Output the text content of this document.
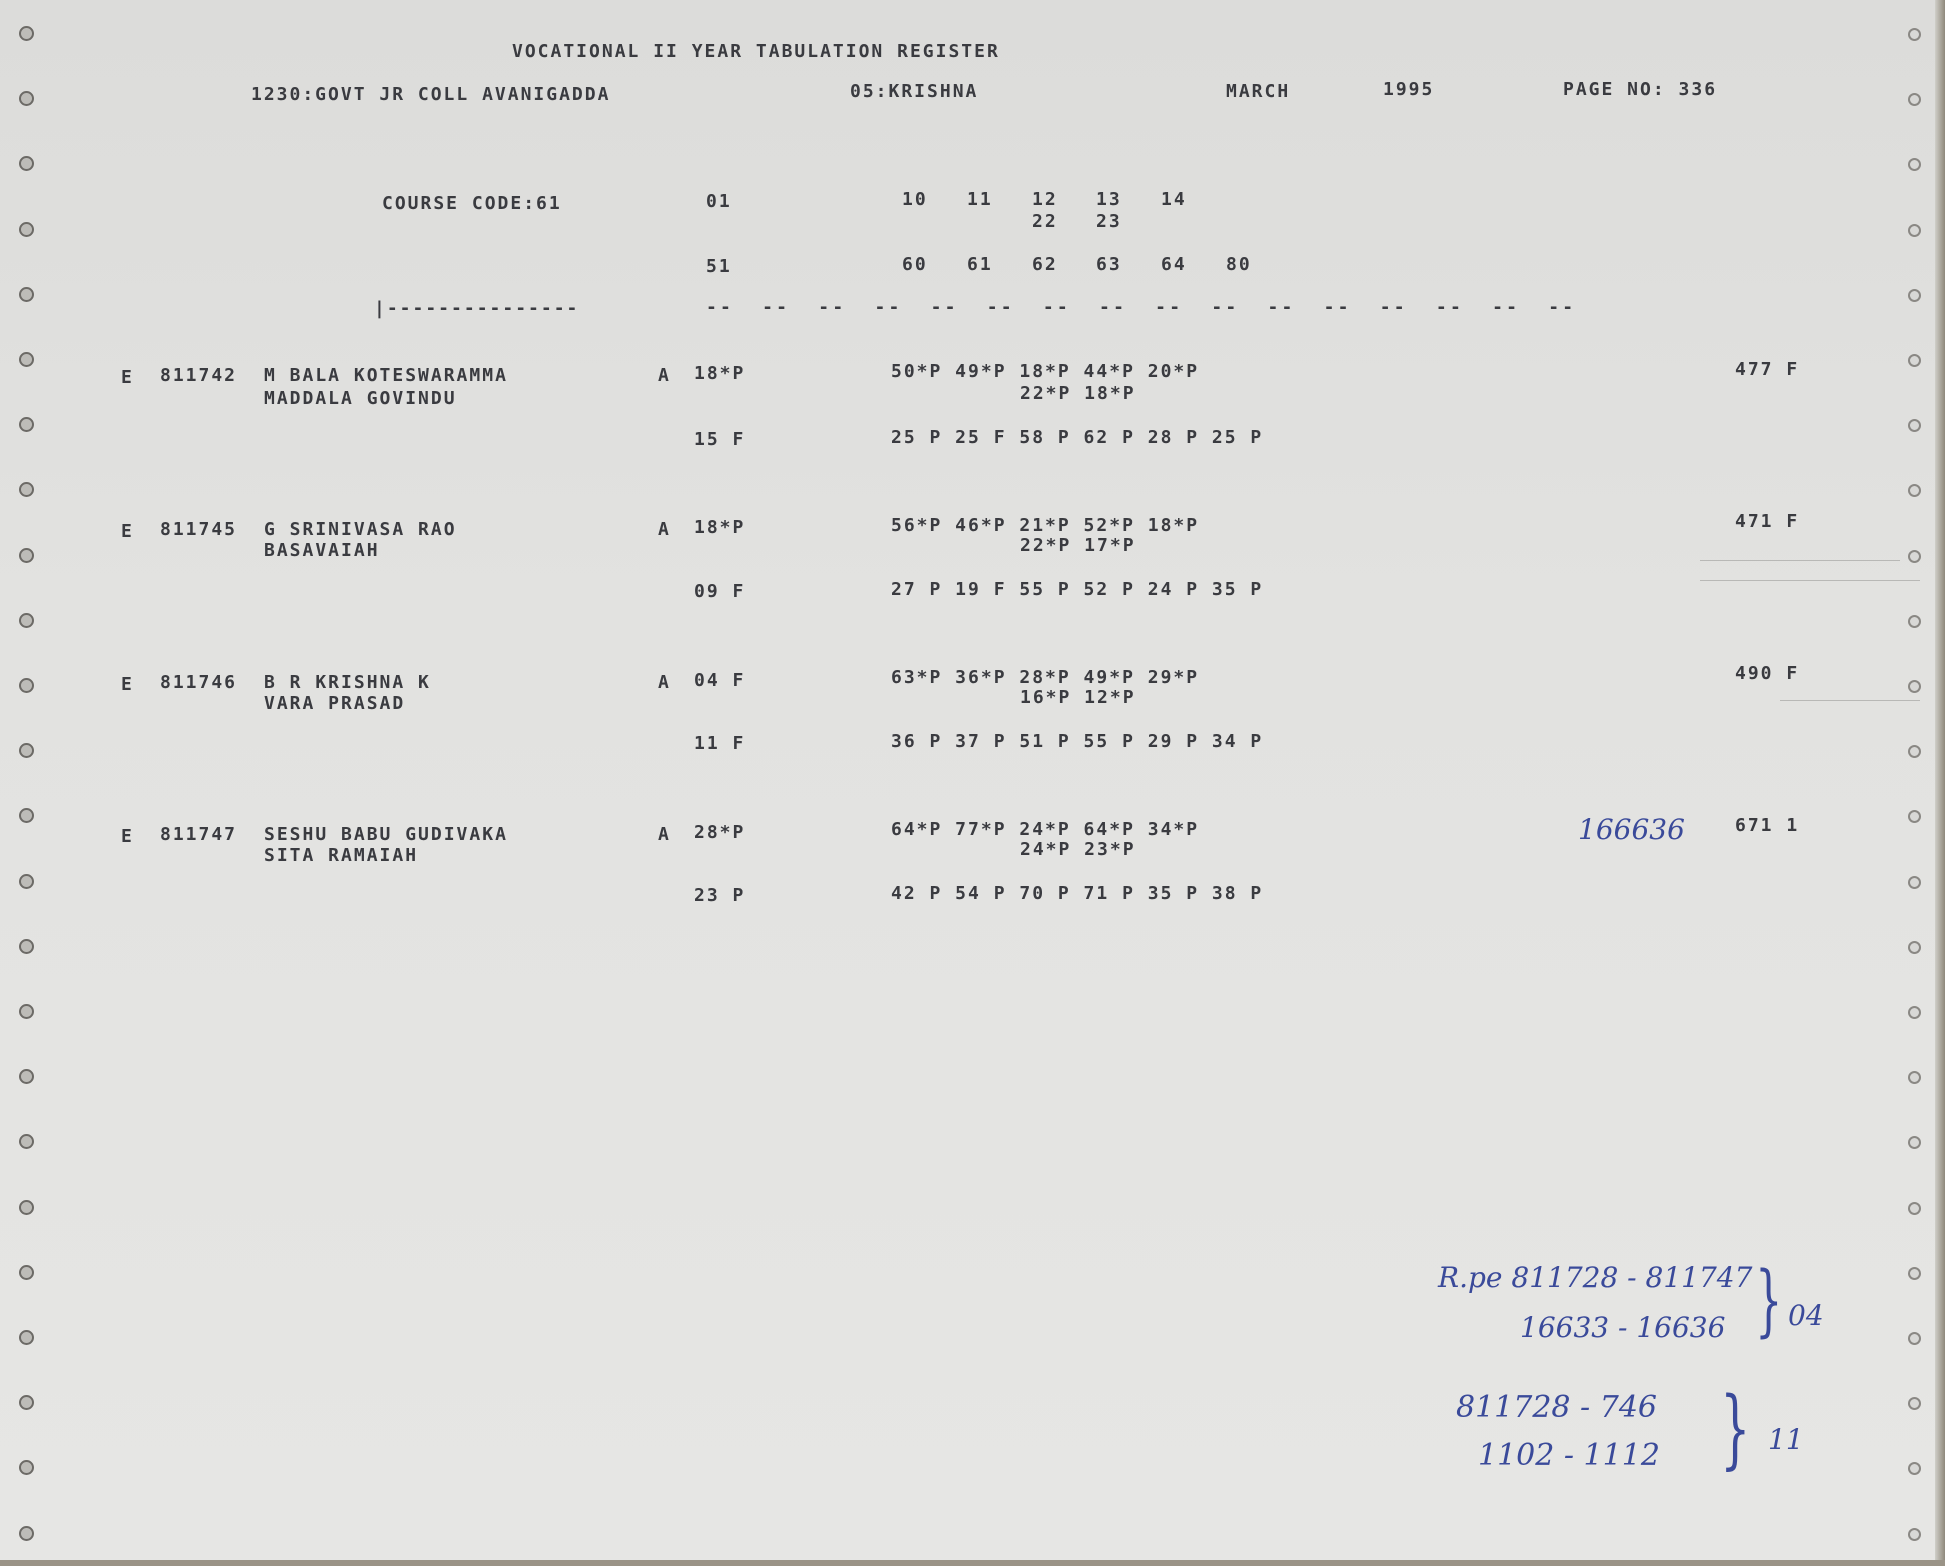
VOCATIONAL II YEAR TABULATION REGISTER
1230:GOVT JR COLL AVANIGADDA	05:KRISHNA	MARCH	1995	PAGE NO: 336
COURSE CODE:61	01	10 11 12 13 14
22 23
51	60 61 62 63 64 80
|---------------	--  --  --  --  --  --  --  --  --  --  --  --  --  --  --  --
E 811742 M BALA KOTESWARAMMA
MADDALA GOVINDU
A 18*P	50*P 49*P 18*P 44*P 20*P
22*P 18*P
15 F	25 P 25 F 58 P 62 P 28 P 25 P
477 F
E 811745 G SRINIVASA RAO
BASAVAIAH
A 18*P	56*P 46*P 21*P 52*P 18*P
22*P 17*P
09 F	27 P 19 F 55 P 52 P 24 P 35 P
471 F
E 811746 B R KRISHNA K
VARA PRASAD
A 04 F	63*P 36*P 28*P 49*P 29*P
16*P 12*P
11 F	36 P 37 P 51 P 55 P 29 P 34 P
490 F
E 811747 SESHU BABU GUDIVAKA
SITA RAMAIAH
A 28*P	64*P 77*P 24*P 64*P 34*P
24*P 23*P
23 P	42 P 54 P 70 P 71 P 35 P 38 P
671 1
166636
R.pe 811728 - 811747
16633 - 16636 } 04
811728 - 746
1102 - 1112 } 11
